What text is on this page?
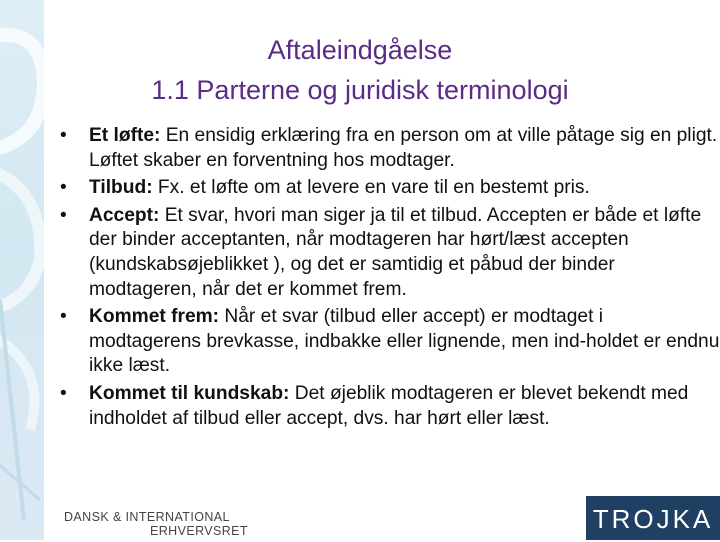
Aftaleindgåelse
1.1 Parterne og juridisk terminologi
• Et løfte: En ensidig erklæring fra en person om at ville påtage sig en pligt. Løftet skaber en forventning hos modtager.
• Tilbud: Fx. et løfte om at levere en vare til en bestemt pris.
• Accept: Et svar, hvori man siger ja til et tilbud. Accepten er både et løfte der binder acceptanten, når modtageren har hørt/læst accepten (kundskabsøjeblikket ), og det er samtidig et påbud der binder modtageren, når det er kommet frem.
• Kommet frem: Når et svar (tilbud eller accept) er modtaget i modtagerens brevkasse, indbakke eller lignende, men ind-holdet er endnu ikke læst.
• Kommet til kundskab: Det øjeblik modtageren er blevet bekendt med indholdet af tilbud eller accept, dvs. har hørt eller læst.
DANSK & INTERNATIONAL
ERHVERVSRET	TROJKA
